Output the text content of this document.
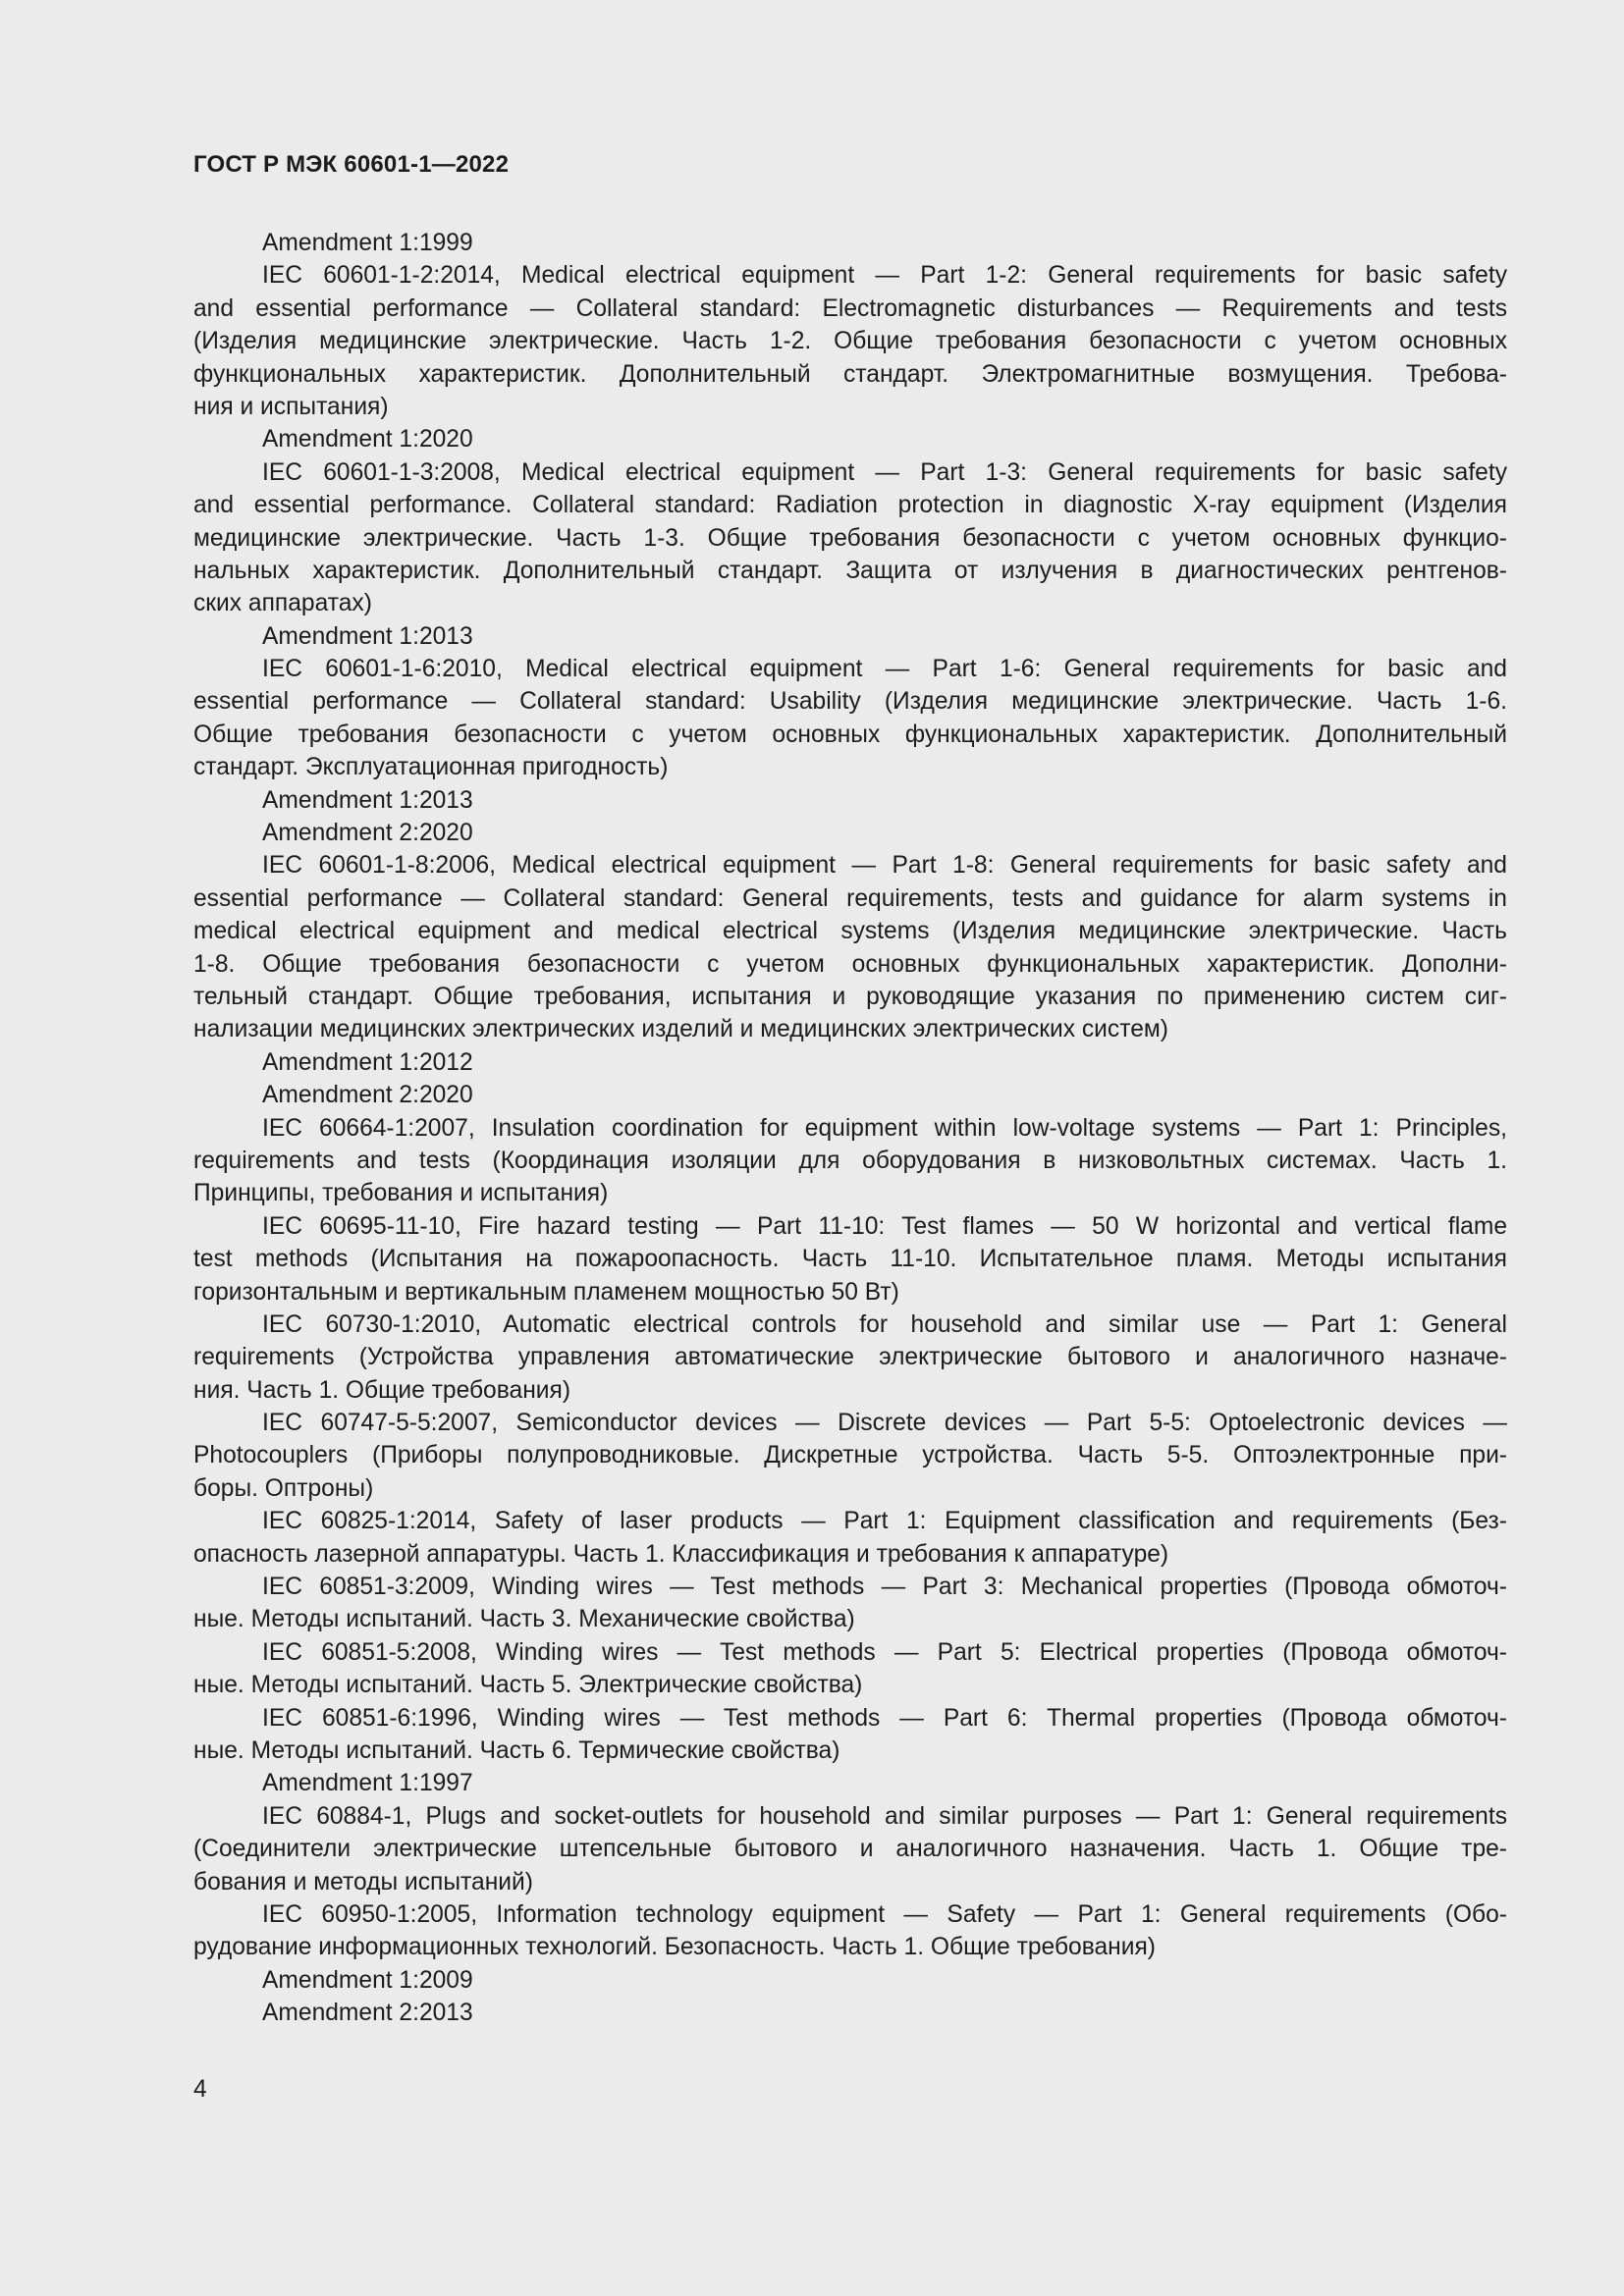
ГОСТ Р МЭК 60601-1—2022
Amendment 1:1999
IEC 60601-1-2:2014, Medical electrical equipment — Part 1-2: General requirements for basic safety
and essential performance — Collateral standard: Electromagnetic disturbances — Requirements and tests
(Изделия медицинские электрические. Часть 1-2. Общие требования безопасности с учетом основных
функциональных характеристик. Дополнительный стандарт. Электромагнитные возмущения. Требова-
ния и испытания)
Amendment 1:2020
IEC 60601-1-3:2008, Medical electrical equipment — Part 1-3: General requirements for basic safety
and essential performance. Collateral standard: Radiation protection in diagnostic X-ray equipment (Изделия
медицинские электрические. Часть 1-3. Общие требования безопасности с учетом основных функцио-
нальных характеристик. Дополнительный стандарт. Защита от излучения в диагностических рентгенов-
ских аппаратах)
Amendment 1:2013
IEC 60601-1-6:2010, Medical electrical equipment — Part 1-6: General requirements for basic and
essential performance — Collateral standard: Usability (Изделия медицинские электрические. Часть 1-6.
Общие требования безопасности с учетом основных функциональных характеристик. Дополнительный
стандарт. Эксплуатационная пригодность)
Amendment 1:2013
Amendment 2:2020
IEC 60601-1-8:2006, Medical electrical equipment — Part 1-8: General requirements for basic safety and
essential performance — Collateral standard: General requirements, tests and guidance for alarm systems in
medical electrical equipment and medical electrical systems (Изделия медицинские электрические. Часть
1-8. Общие требования безопасности с учетом основных функциональных характеристик. Дополни-
тельный стандарт. Общие требования, испытания и руководящие указания по применению систем сиг-
нализации медицинских электрических изделий и медицинских электрических систем)
Amendment 1:2012
Amendment 2:2020
IEC 60664-1:2007, Insulation coordination for equipment within low-voltage systems — Part 1: Principles,
requirements and tests (Координация изоляции для оборудования в низковольтных системах. Часть 1.
Принципы, требования и испытания)
IEC 60695-11-10, Fire hazard testing — Part 11-10: Test flames — 50 W horizontal and vertical flame
test methods (Испытания на пожароопасность. Часть 11-10. Испытательное пламя. Методы испытания
горизонтальным и вертикальным пламенем мощностью 50 Вт)
IEC 60730-1:2010, Automatic electrical controls for household and similar use — Part 1: General
requirements (Устройства управления автоматические электрические бытового и аналогичного назначе-
ния. Часть 1. Общие требования)
IEC 60747-5-5:2007, Semiconductor devices — Discrete devices — Part 5-5: Optoelectronic devices —
Photocouplers (Приборы полупроводниковые. Дискретные устройства. Часть 5-5. Оптоэлектронные при-
боры. Оптроны)
IEC 60825-1:2014, Safety of laser products — Part 1: Equipment classification and requirements (Без-
опасность лазерной аппаратуры. Часть 1. Классификация и требования к аппаратуре)
IEC 60851-3:2009, Winding wires — Test methods — Part 3: Mechanical properties (Провода обмоточ-
ные. Методы испытаний. Часть 3. Механические свойства)
IEC 60851-5:2008, Winding wires — Test methods — Part 5: Electrical properties (Провода обмоточ-
ные. Методы испытаний. Часть 5. Электрические свойства)
IEC 60851-6:1996, Winding wires — Test methods — Part 6: Thermal properties (Провода обмоточ-
ные. Методы испытаний. Часть 6. Термические свойства)
Amendment 1:1997
IEC 60884-1, Plugs and socket-outlets for household and similar purposes — Part 1: General requirements
(Соединители электрические штепсельные бытового и аналогичного назначения. Часть 1. Общие тре-
бования и методы испытаний)
IEC 60950-1:2005, Information technology equipment — Safety — Part 1: General requirements (Обо-
рудование информационных технологий. Безопасность. Часть 1. Общие требования)
Amendment 1:2009
Amendment 2:2013
4
